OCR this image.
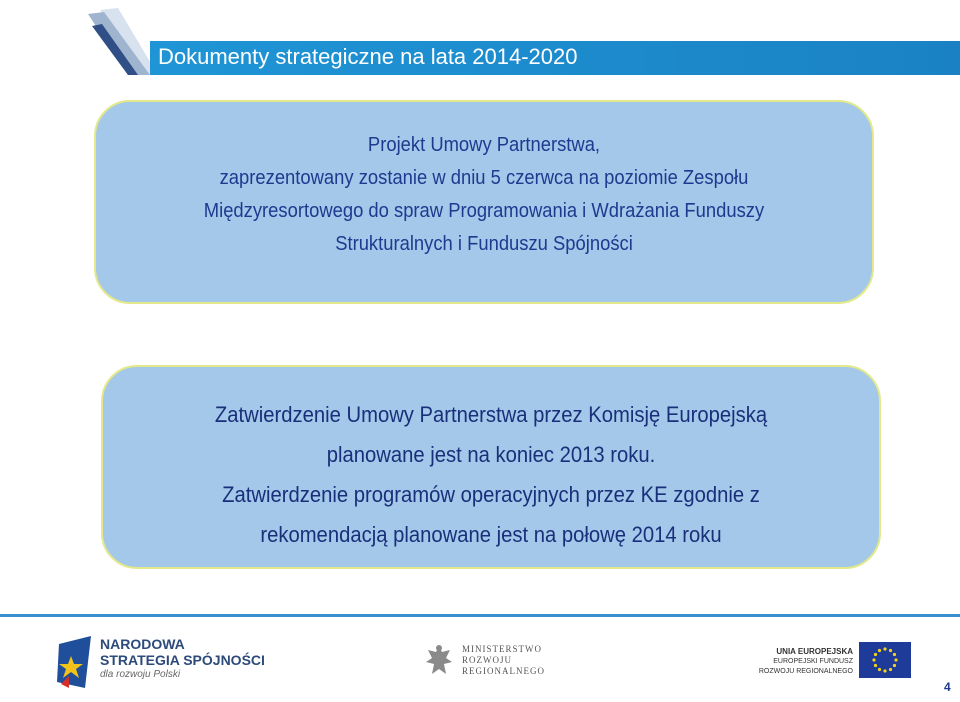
Dokumenty strategiczne na lata 2014-2020
Projekt Umowy Partnerstwa,
zaprezentowany zostanie w dniu 5 czerwca na poziomie Zespołu
Międzyresortowego do spraw Programowania i Wdrażania Funduszy
Strukturalnych i Funduszu Spójności
Zatwierdzenie Umowy Partnerstwa przez Komisję Europejską
planowane jest na koniec 2013 roku.
Zatwierdzenie programów operacyjnych przez KE zgodnie z
rekomendacją planowane jest na połowę 2014 roku
NARODOWA
STRATEGIA SPÓJNOŚCI
dla rozwoju Polski
MINISTERSTWO
ROZWOJU
REGIONALNEGO
UNIA EUROPEJSKA
EUROPEJSKI FUNDUSZ
ROZWOJU REGIONALNEGO
4
